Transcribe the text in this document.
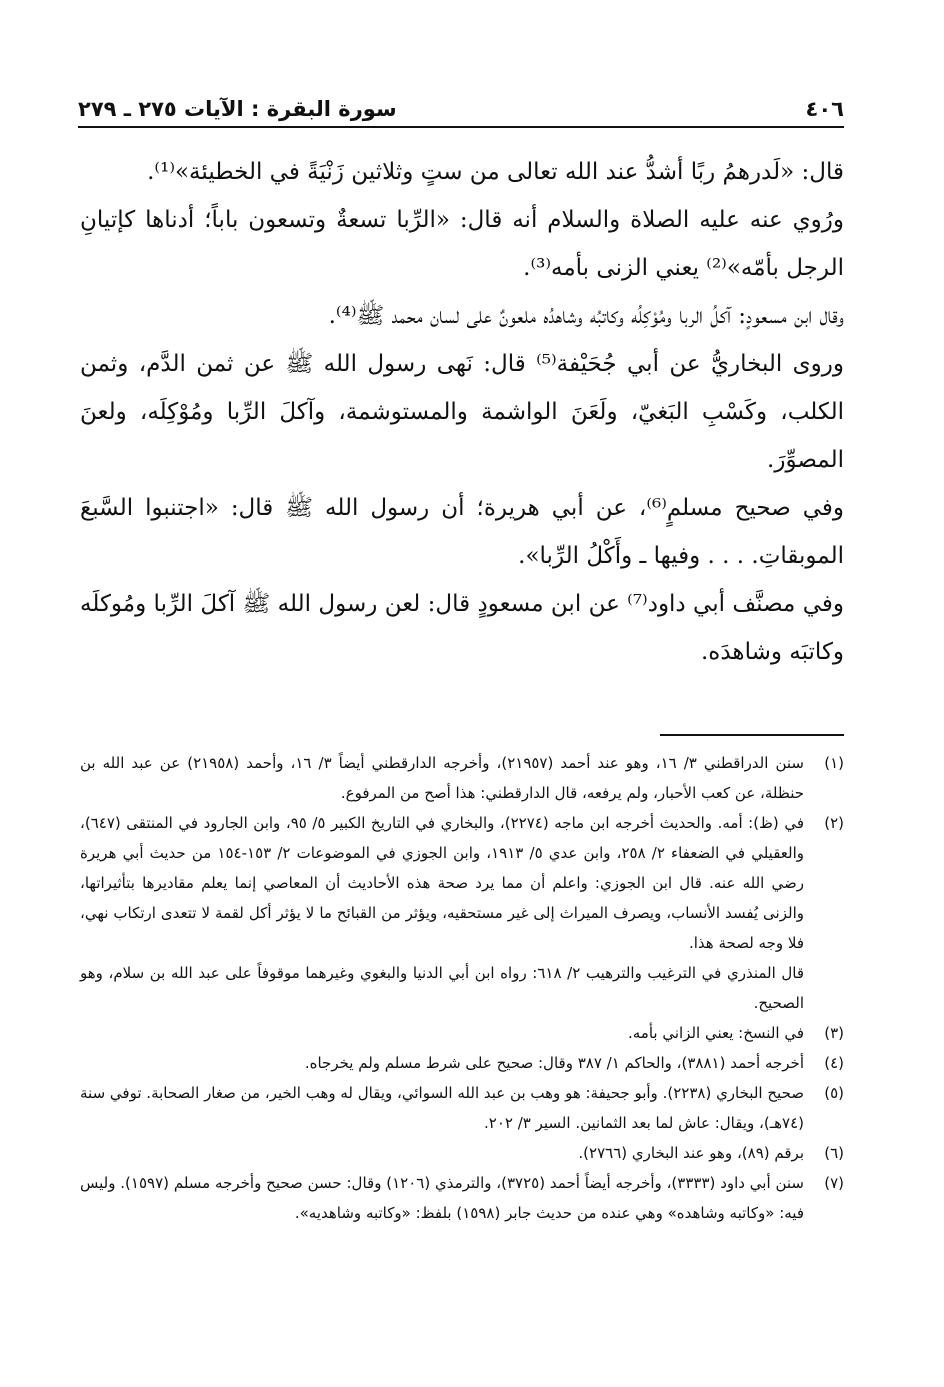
٤٠٦
سورة البقرة : الآيات ٢٧٥ ـ ٢٧٩

قال: «لَدرهمُ ربًا أشدُّ عند الله تعالى من ستٍ وثلاثين زَنْيَةً في الخطيئة»⁽¹⁾.

ورُوي عنه عليه الصلاة والسلام أنه قال: «الرِّبا تسعةٌ وتسعون باباً؛ أدناها كإتيانِ الرجل بأمّه»⁽²⁾ يعني الزنى بأمه⁽³⁾.

وقال ابن مسعودٍ: آكلُ الربا ومُوْكِلُه وكاتبُه وشاهدُه ملعونٌ على لسان محمد ﷺ⁽⁴⁾.

وروى البخاريُّ عن أبي جُحَيْفة⁽⁵⁾ قال: نَهى رسول الله ﷺ عن ثمن الدَّم، وثمن الكلب، وكَسْبِ البَغيّ، ولَعَنَ الواشمة والمستوشمة، وآكلَ الرِّبا ومُوْكِلَه، ولعنَ المصوِّرَ.

وفي صحيح مسلمٍ⁽⁶⁾، عن أبي هريرة؛ أن رسول الله ﷺ قال: «اجتنبوا السَّبعَ الموبقاتِ. . . . وفيها ـ وأَكْلُ الرِّبا».

وفي مصنَّف أبي داود⁽⁷⁾ عن ابن مسعودٍ قال: لعن رسول الله ﷺ آكلَ الرِّبا ومُوكلَه وكاتبَه وشاهدَه.

(١)
سنن الدراقطني ٣/ ١٦، وهو عند أحمد (٢١٩٥٧)، وأخرجه الدارقطني أيضاً ٣/ ١٦، وأحمد (٢١٩٥٨) عن عبد الله بن حنظلة، عن كعب الأحبار، ولم يرفعه، قال الدارقطني: هذا أصح من المرفوع.
(٢)
في (ظ): أمه. والحديث أخرجه ابن ماجه (٢٢٧٤)، والبخاري في التاريخ الكبير ٥/ ٩٥، وابن الجارود في المنتقى (٦٤٧)، والعقيلي في الضعفاء ٢/ ٢٥٨، وابن عدي ٥/ ١٩١٣، وابن الجوزي في الموضوعات ٢/ ١٥٣-١٥٤ من حديث أبي هريرة رضي الله عنه. قال ابن الجوزي: واعلم أن مما يرد صحة هذه الأحاديث أن المعاصي إنما يعلم مقاديرها بتأثيراتها، والزنى يُفسد الأنساب، ويصرف الميراث إلى غير مستحقيه، ويؤثر من القبائح ما لا يؤثر أكل لقمة لا تتعدى ارتكاب نهي، فلا وجه لصحة هذا.
قال المنذري في الترغيب والترهيب ٢/ ٦١٨: رواه ابن أبي الدنيا والبغوي وغيرهما موقوفاً على عبد الله بن سلام، وهو الصحيح.
(٣)
في النسخ: يعني الزاني بأمه.
(٤)
أخرجه أحمد (٣٨٨١)، والحاكم ١/ ٣٨٧ وقال: صحيح على شرط مسلم ولم يخرجاه.
(٥)
صحيح البخاري (٢٢٣٨). وأبو جحيفة: هو وهب بن عبد الله السوائي، ويقال له وهب الخير، من صغار الصحابة. توفي سنة (٧٤هـ)، ويقال: عاش لما بعد الثمانين. السير ٣/ ٢٠٢.
(٦)
برقم (٨٩)، وهو عند البخاري (٢٧٦٦).
(٧)
سنن أبي داود (٣٣٣٣)، وأخرجه أيضاً أحمد (٣٧٢٥)، والترمذي (١٢٠٦) وقال: حسن صحيح وأخرجه مسلم (١٥٩٧). وليس فيه: «وكاتبه وشاهده» وهي عنده من حديث جابر (١٥٩٨) بلفظ: «وكاتبه وشاهديه».
